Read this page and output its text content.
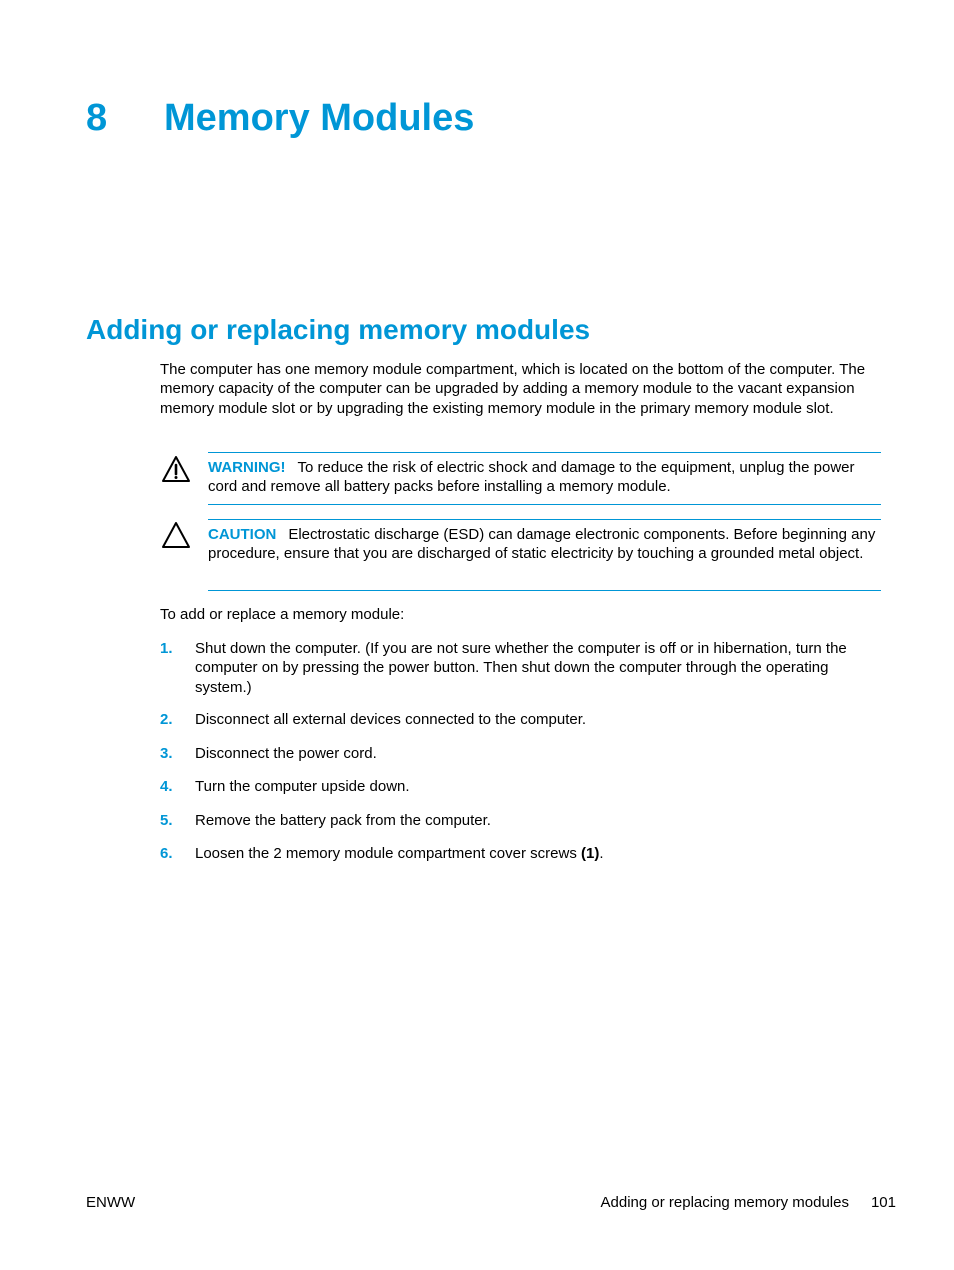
8 Memory Modules
Adding or replacing memory modules

The computer has one memory module compartment, which is located on the bottom of the computer. The memory capacity of the computer can be upgraded by adding a memory module to the vacant expansion memory module slot or by upgrading the existing memory module in the primary memory module slot.

WARNING! To reduce the risk of electric shock and damage to the equipment, unplug the power cord and remove all battery packs before installing a memory module.
CAUTION Electrostatic discharge (ESD) can damage electronic components. Before beginning any procedure, ensure that you are discharged of static electricity by touching a grounded metal object.

To add or replace a memory module:

1. Shut down the computer. (If you are not sure whether the computer is off or in hibernation, turn the computer on by pressing the power button. Then shut down the computer through the operating system.)
2. Disconnect all external devices connected to the computer.
3. Disconnect the power cord.
4. Turn the computer upside down.
5. Remove the battery pack from the computer.
6. Loosen the 2 memory module compartment cover screws (1).
ENWW	Adding or replacing memory modules 101
